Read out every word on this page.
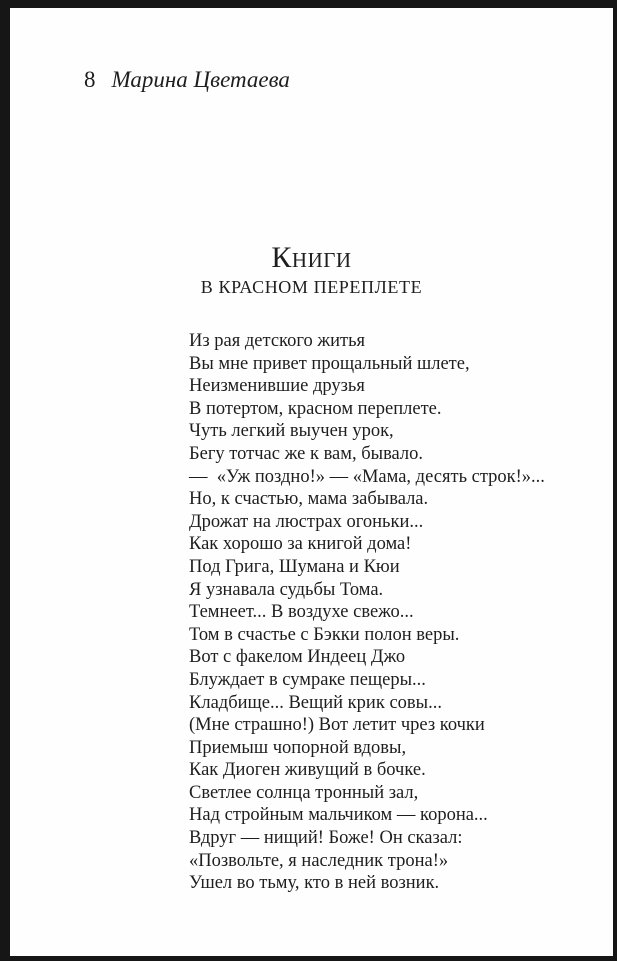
8 Марина Цветаева
Книги
В КРАСНОМ ПЕРЕПЛЕТЕ
Из рая детского житья
Вы мне привет прощальный шлете,
Неизменившие друзья
В потертом, красном переплете.
Чуть легкий выучен урок,
Бегу тотчас же к вам, бывало.
—  «Уж поздно!» — «Мама, десять строк!»...
Но, к счастью, мама забывала.
Дрожат на люстрах огоньки...
Как хорошо за книгой дома!
Под Грига, Шумана и Кюи
Я узнавала судьбы Тома.
Темнеет... В воздухе свежо...
Том в счастье с Бэкки полон веры.
Вот с факелом Индеец Джо
Блуждает в сумраке пещеры...
Кладбище... Вещий крик совы...
(Мне страшно!) Вот летит чрез кочки
Приемыш чопорной вдовы,
Как Диоген живущий в бочке.
Светлее солнца тронный зал,
Над стройным мальчиком — корона...
Вдруг — нищий! Боже! Он сказал:
«Позвольте, я наследник трона!»
Ушел во тьму, кто в ней возник.
